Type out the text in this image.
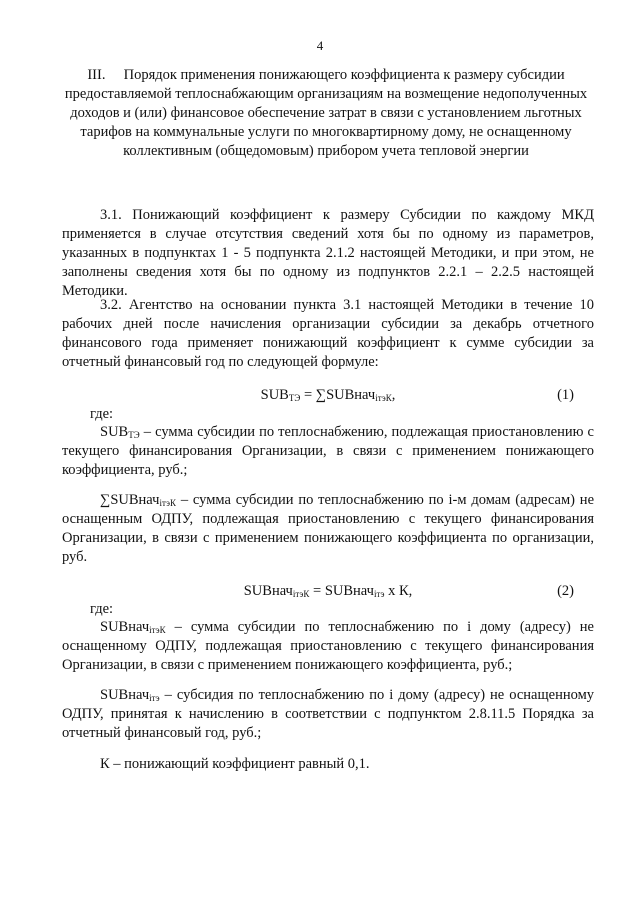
4
III. Порядок применения понижающего коэффициента к размеру субсидии предоставляемой теплоснабжающим организациям на возмещение недополученных доходов и (или) финансовое обеспечение затрат в связи с установлением льготных тарифов на коммунальные услуги по многоквартирному дому, не оснащенному коллективным (общедомовым) прибором учета тепловой энергии
3.1. Понижающий коэффициент к размеру Субсидии по каждому МКД применяется в случае отсутствия сведений хотя бы по одному из параметров, указанных в подпунктах 1 - 5 подпункта 2.1.2 настоящей Методики, и при этом, не заполнены сведения хотя бы по одному из подпунктов 2.2.1 – 2.2.5 настоящей Методики.
3.2. Агентство на основании пункта 3.1 настоящей Методики в течение 10 рабочих дней после начисления организации субсидии за декабрь отчетного финансового года применяет понижающий коэффициент к сумме субсидии за отчетный финансовый год по следующей формуле:
$SUB_{ТЭ}$ = ∑SUBнач$_{iтэК}$,	(1)
где:
$SUB_{ТЭ}$ – сумма субсидии по теплоснабжению, подлежащая приостановлению с текущего финансирования Организации, в связи с применением понижающего коэффициента, руб.;
∑SUBнач$_{iтэК}$ – сумма субсидии по теплоснабжению по i-м домам (адресам) не оснащенным ОДПУ, подлежащая приостановлению с текущего финансирования Организации, в связи с применением понижающего коэффициента по организации, руб.
SUBнач$_{iтэК}$ = SUBнач$_{iтэ}$ х К,	(2)
где:
SUBнач$_{iтэК}$ – сумма субсидии по теплоснабжению по i дому (адресу) не оснащенному ОДПУ, подлежащая приостановлению с текущего финансирования Организации, в связи с применением понижающего коэффициента, руб.;
SUBнач$_{iтэ}$ – субсидия по теплоснабжению по i дому (адресу) не оснащенному ОДПУ, принятая к начислению в соответствии с подпунктом 2.8.11.5 Порядка за отчетный финансовый год, руб.;
К – понижающий коэффициент равный 0,1.
